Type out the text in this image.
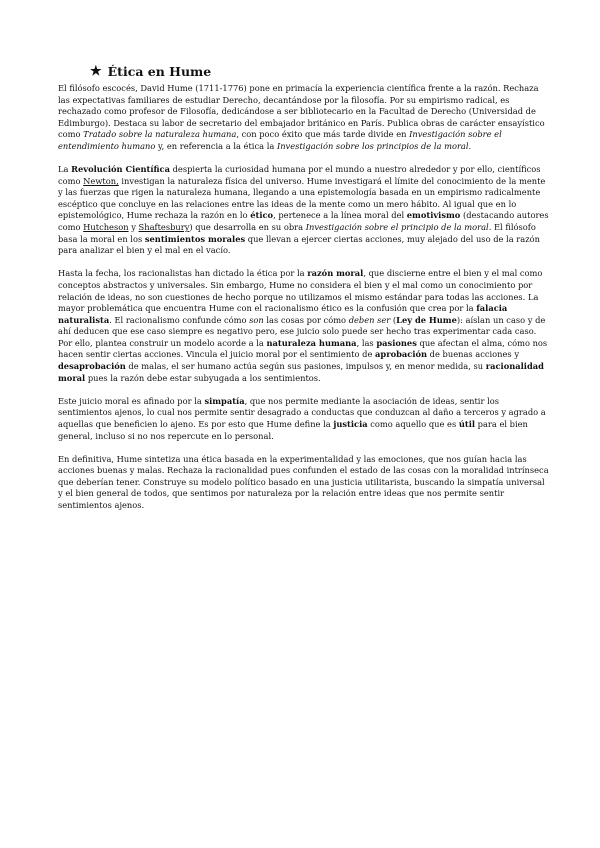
★ Ética en Hume

El filósofo escocés, David Hume (1711-1776) pone en primacía la experiencia científica frente a la razón. Rechaza las expectativas familiares de estudiar Derecho, decantándose por la filosofía. Por su empirismo radical, es rechazado como profesor de Filosofía, dedicándose a ser bibliotecario en la Facultad de Derecho (Universidad de Edimburgo). Destaca su labor de secretario del embajador británico en París. Publica obras de carácter ensayístico como Tratado sobre la naturaleza humana, con poco éxito que más tarde divide en Investigación sobre el entendimiento humano y, en referencia a la ética la Investigación sobre los principios de la moral.

La Revolución Científica despierta la curiosidad humana por el mundo a nuestro alrededor y por ello, científicos como Newton, investigan la naturaleza física del universo. Hume investigará el límite del conocimiento de la mente y las fuerzas que rigen la naturaleza humana, llegando a una epistemología basada en un empirismo radicalmente escéptico que concluye en las relaciones entre las ideas de la mente como un mero hábito. Al igual que en lo epistemológico, Hume rechaza la razón en lo ético, pertenece a la línea moral del emotivismo (destacando autores como Hutcheson y Shaftesbury) que desarrolla en su obra Investigación sobre el principio de la moral. El filósofo basa la moral en los sentimientos morales que llevan a ejercer ciertas acciones, muy alejado del uso de la razón para analizar el bien y el mal en el vacío.

Hasta la fecha, los racionalistas han dictado la ética por la razón moral, que discierne entre el bien y el mal como conceptos abstractos y universales. Sin embargo, Hume no considera el bien y el mal como un conocimiento por relación de ideas, no son cuestiones de hecho porque no utilizamos el mismo estándar para todas las acciones. La mayor problemática que encuentra Hume con el racionalismo ético es la confusión que crea por la falacia naturalista. El racionalismo confunde cómo son las cosas por cómo deben ser (Ley de Hume): aíslan un caso y de ahí deducen que ese caso siempre es negativo pero, ese juicio solo puede ser hecho tras experimentar cada caso. Por ello, plantea construir un modelo acorde a la naturaleza humana, las pasiones que afectan el alma, cómo nos hacen sentir ciertas acciones. Vincula el juicio moral por el sentimiento de aprobación de buenas acciones y desaprobación de malas, el ser humano actúa según sus pasiones, impulsos y, en menor medida, su racionalidad moral pues la razón debe estar subyugada a los sentimientos.

Este juicio moral es afinado por la simpatía, que nos permite mediante la asociación de ideas, sentir los sentimientos ajenos, lo cual nos permite sentir desagrado a conductas que conduzcan al daño a terceros y agrado a aquellas que beneficien lo ajeno. Es por esto que Hume define la justicia como aquello que es útil para el bien general, incluso si no nos repercute en lo personal.

En definitiva, Hume sintetiza una ética basada en la experimentalidad y las emociones, que nos guían hacia las acciones buenas y malas. Rechaza la racionalidad pues confunden el estado de las cosas con la moralidad intrínseca que deberían tener. Construye su modelo político basado en una justicia utilitarista, buscando la simpatía universal y el bien general de todos, que sentimos por naturaleza por la relación entre ideas que nos permite sentir sentimientos ajenos.
